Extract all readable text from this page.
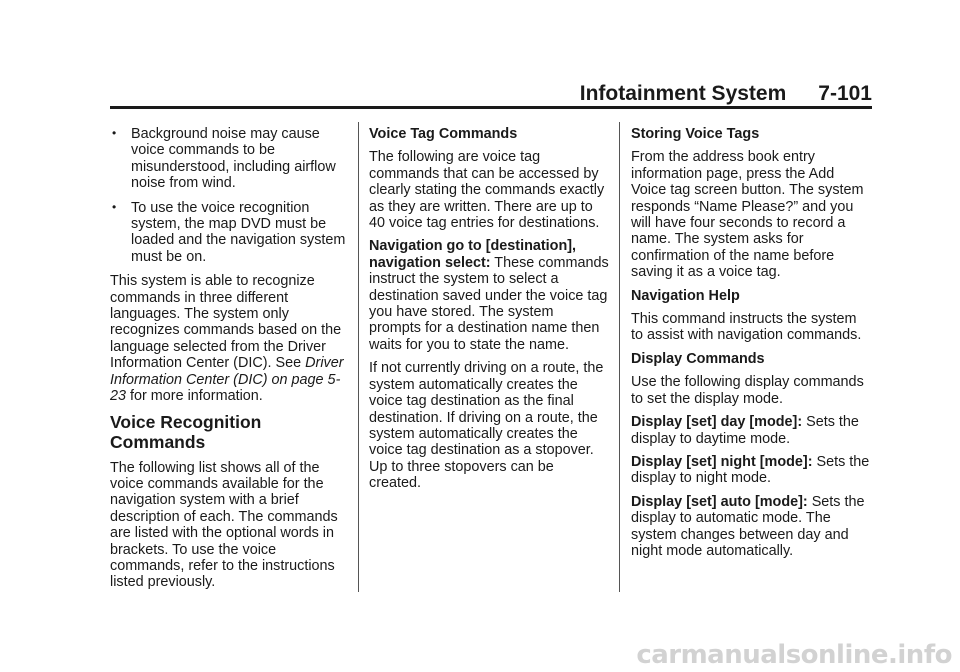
Infotainment System 7-101
• Background noise may cause voice commands to be misunderstood, including airflow noise from wind.
• To use the voice recognition system, the map DVD must be loaded and the navigation system must be on.

This system is able to recognize commands in three different languages. The system only recognizes commands based on the language selected from the Driver Information Center (DIC). See Driver Information Center (DIC) on page 5-23 for more information.

Voice Recognition Commands

The following list shows all of the voice commands available for the navigation system with a brief description of each. The commands are listed with the optional words in brackets. To use the voice commands, refer to the instructions listed previously.

Voice Tag Commands

The following are voice tag commands that can be accessed by clearly stating the commands exactly as they are written. There are up to 40 voice tag entries for destinations.

Navigation go to [destination], navigation select: These commands instruct the system to select a destination saved under the voice tag you have stored. The system prompts for a destination name then waits for you to state the name.

If not currently driving on a route, the system automatically creates the voice tag destination as the final destination. If driving on a route, the system automatically creates the voice tag destination as a stopover. Up to three stopovers can be created.

Storing Voice Tags

From the address book entry information page, press the Add Voice tag screen button. The system responds “Name Please?” and you will have four seconds to record a name. The system asks for confirmation of the name before saving it as a voice tag.

Navigation Help

This command instructs the system to assist with navigation commands.

Display Commands

Use the following display commands to set the display mode.

Display [set] day [mode]: Sets the display to daytime mode.

Display [set] night [mode]: Sets the display to night mode.

Display [set] auto [mode]: Sets the display to automatic mode. The system changes between day and night mode automatically.

carmanualsonline.info
